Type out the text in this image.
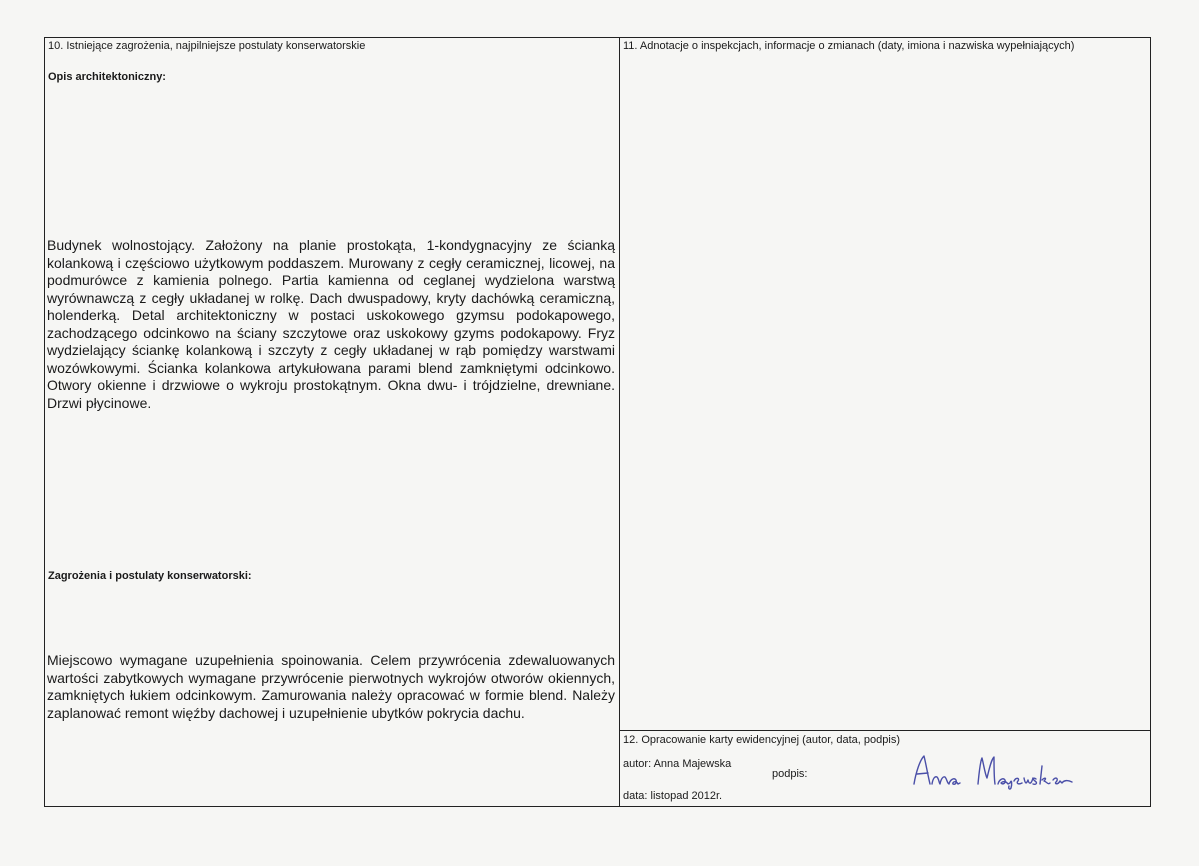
10. Istniejące zagrożenia, najpilniejsze postulaty konserwatorskie
Opis architektoniczny:
Budynek wolnostojący. Założony na planie prostokąta, 1-kondygnacyjny ze ścianką kolankową i częściowo użytkowym poddaszem. Murowany z cegły ceramicznej, licowej, na podmurówce z kamienia polnego. Partia kamienna od ceglanej wydzielona warstwą wyrównawczą z cegły układanej w rolkę. Dach dwuspadowy, kryty dachówką ceramiczną, holenderką. Detal architektoniczny w postaci uskokowego gzymsu podokapowego, zachodzącego odcinkowo na ściany szczytowe oraz uskokowy gzyms podokapowy. Fryz wydzielający ściankę kolankową i szczyty z cegły układanej w rąb pomiędzy warstwami wozówkowymi. Ścianka kolankowa artykułowana parami blend zamkniętymi odcinkowo. Otwory okienne i drzwiowe o wykroju prostokątnym. Okna dwu- i trójdzielne, drewniane. Drzwi płycinowe.
Zagrożenia i postulaty konserwatorski:
Miejscowo wymagane uzupełnienia spoinowania. Celem przywrócenia zdewaluowanych wartości zabytkowych wymagane przywrócenie pierwotnych wykrojów otworów okiennych, zamkniętych łukiem odcinkowym. Zamurowania należy opracować w formie blend. Należy zaplanować remont więźby dachowej i uzupełnienie ubytków pokrycia dachu.
11. Adnotacje o inspekcjach, informacje o zmianach (daty, imiona i nazwiska wypełniających)
12. Opracowanie karty ewidencyjnej (autor, data, podpis)
autor: Anna Majewska
podpis:
data: listopad 2012r.
